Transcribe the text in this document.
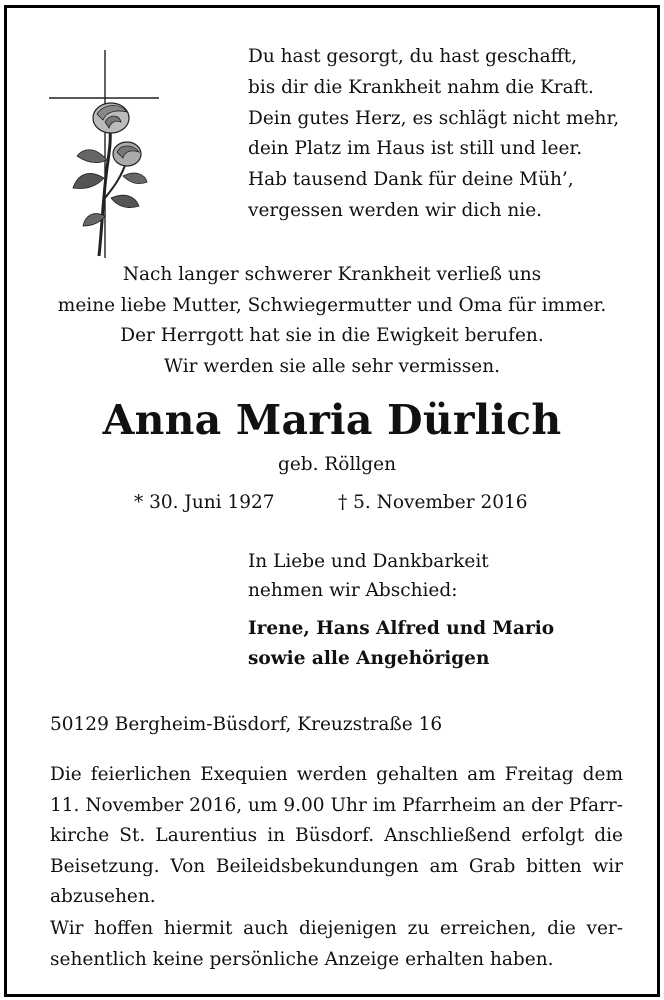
Du hast gesorgt, du hast geschafft,
bis dir die Krankheit nahm die Kraft.
Dein gutes Herz, es schlägt nicht mehr,
dein Platz im Haus ist still und leer.
Hab tausend Dank für deine Müh’,
vergessen werden wir dich nie.
Nach langer schwerer Krankheit verließ uns
meine liebe Mutter, Schwiegermutter und Oma für immer.
Der Herrgott hat sie in die Ewigkeit berufen.
Wir werden sie alle sehr vermissen.
Anna Maria Dürlich
geb. Röllgen
* 30. Juni 1927	† 5. November 2016
In Liebe und Dankbarkeit
nehmen wir Abschied:
Irene, Hans Alfred und Mario
sowie alle Angehörigen
50129 Bergheim-Büsdorf, Kreuzstraße 16
Die feierlichen Exequien werden gehalten am Freitag dem
11. November 2016, um 9.00 Uhr im Pfarrheim an der Pfarr-
kirche St. Laurentius in Büsdorf. Anschließend erfolgt die
Beisetzung. Von Beileidsbekundungen am Grab bitten wir
abzusehen.
Wir hoffen hiermit auch diejenigen zu erreichen, die ver-
sehentlich keine persönliche Anzeige erhalten haben.
